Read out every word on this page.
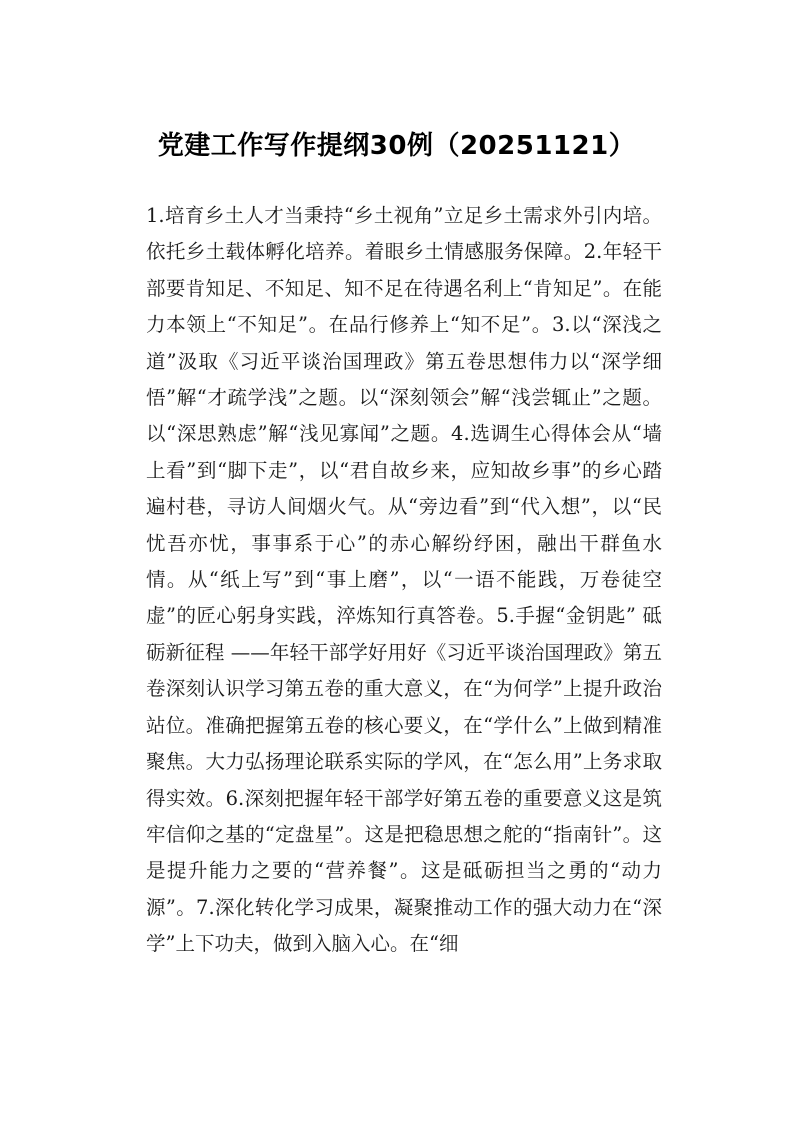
党建工作写作提纲30例（20251121）

1.培育乡土人才当秉持“乡土视角”立足乡土需求外引内培。依托乡土载体孵化培养。着眼乡土情感服务保障。2.年轻干部要肯知足、不知足、知不足在待遇名利上“肯知足”。在能力本领上“不知足”。在品行修养上“知不足”。3.以“深浅之道”汲取《习近平谈治国理政》第五卷思想伟力以“深学细悟”解“才疏学浅”之题。以“深刻领会”解“浅尝辄止”之题。以“深思熟虑”解“浅见寡闻”之题。4.选调生心得体会从“墙上看”到“脚下走”，以“君自故乡来，应知故乡事”的乡心踏遍村巷，寻访人间烟火气。从“旁边看”到“代入想”，以“民忧吾亦忧，事事系于心”的赤心解纷纾困，融出干群鱼水情。从“纸上写”到“事上磨”，以“一语不能践，万卷徒空虚”的匠心躬身实践，淬炼知行真答卷。5.手握“金钥匙” 砥砺新征程 ——年轻干部学好用好《习近平谈治国理政》第五卷深刻认识学习第五卷的重大意义，在“为何学”上提升政治站位。准确把握第五卷的核心要义，在“学什么”上做到精准聚焦。大力弘扬理论联系实际的学风，在“怎么用”上务求取得实效。6.深刻把握年轻干部学好第五卷的重要意义这是筑牢信仰之基的“定盘星”。这是把稳思想之舵的“指南针”。这是提升能力之要的“营养餐”。这是砥砺担当之勇的“动力源”。7.深化转化学习成果，凝聚推动工作的强大动力在“深学”上下功夫，做到入脑入心。在“细
